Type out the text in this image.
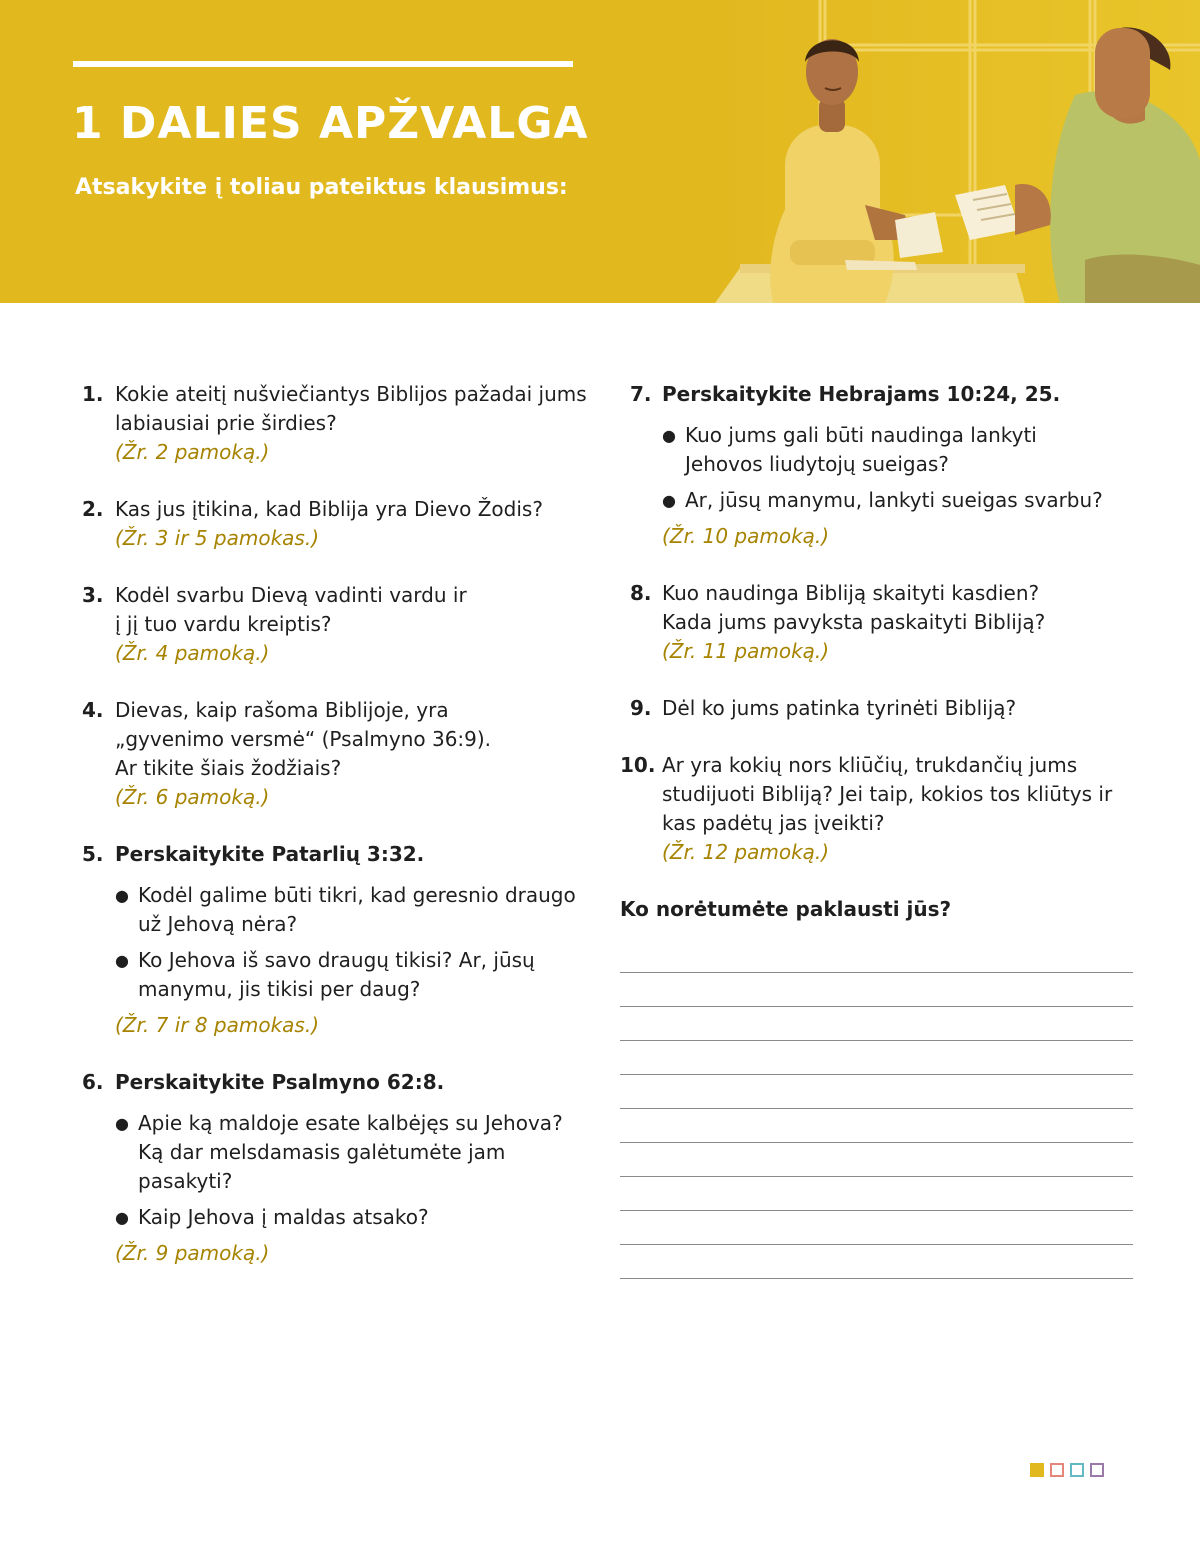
1 DALIES APŽVALGA

Atsakykite į toliau pateiktus klausimus:

1. Kokie ateitį nušviečiantys Biblijos pažadai jums labiausiai prie širdies?
(Žr. 2 pamoką.)
2. Kas jus įtikina, kad Biblija yra Dievo Žodis?
(Žr. 3 ir 5 pamokas.)
3. Kodėl svarbu Dievą vadinti vardu ir į jį tuo vardu kreiptis?
(Žr. 4 pamoką.)
4. Dievas, kaip rašoma Biblijoje, yra „gyvenimo versmė“ (Psalmyno 36:9). Ar tikite šiais žodžiais?
(Žr. 6 pamoką.)
5. Perskaitykite Patarlių 3:32.
● Kodėl galime būti tikri, kad geresnio draugo už Jehovą nėra?
● Ko Jehova iš savo draugų tikisi? Ar, jūsų manymu, jis tikisi per daug?
(Žr. 7 ir 8 pamokas.)
6. Perskaitykite Psalmyno 62:8.
● Apie ką maldoje esate kalbėjęs su Jehova? Ką dar melsdamasis galėtumėte jam pasakyti?
● Kaip Jehova į maldas atsako?
(Žr. 9 pamoką.)
7. Perskaitykite Hebrajams 10:24, 25.
● Kuo jums gali būti naudinga lankyti Jehovos liudytojų sueigas?
● Ar, jūsų manymu, lankyti sueigas svarbu?
(Žr. 10 pamoką.)
8. Kuo naudinga Bibliją skaityti kasdien? Kada jums pavyksta paskaityti Bibliją?
(Žr. 11 pamoką.)
9. Dėl ko jums patinka tyrinėti Bibliją?
10. Ar yra kokių nors kliūčių, trukdančių jums studijuoti Bibliją? Jei taip, kokios tos kliūtys ir kas padėtų jas įveikti?
(Žr. 12 pamoką.)

Ko norėtumėte paklausti jūs?
